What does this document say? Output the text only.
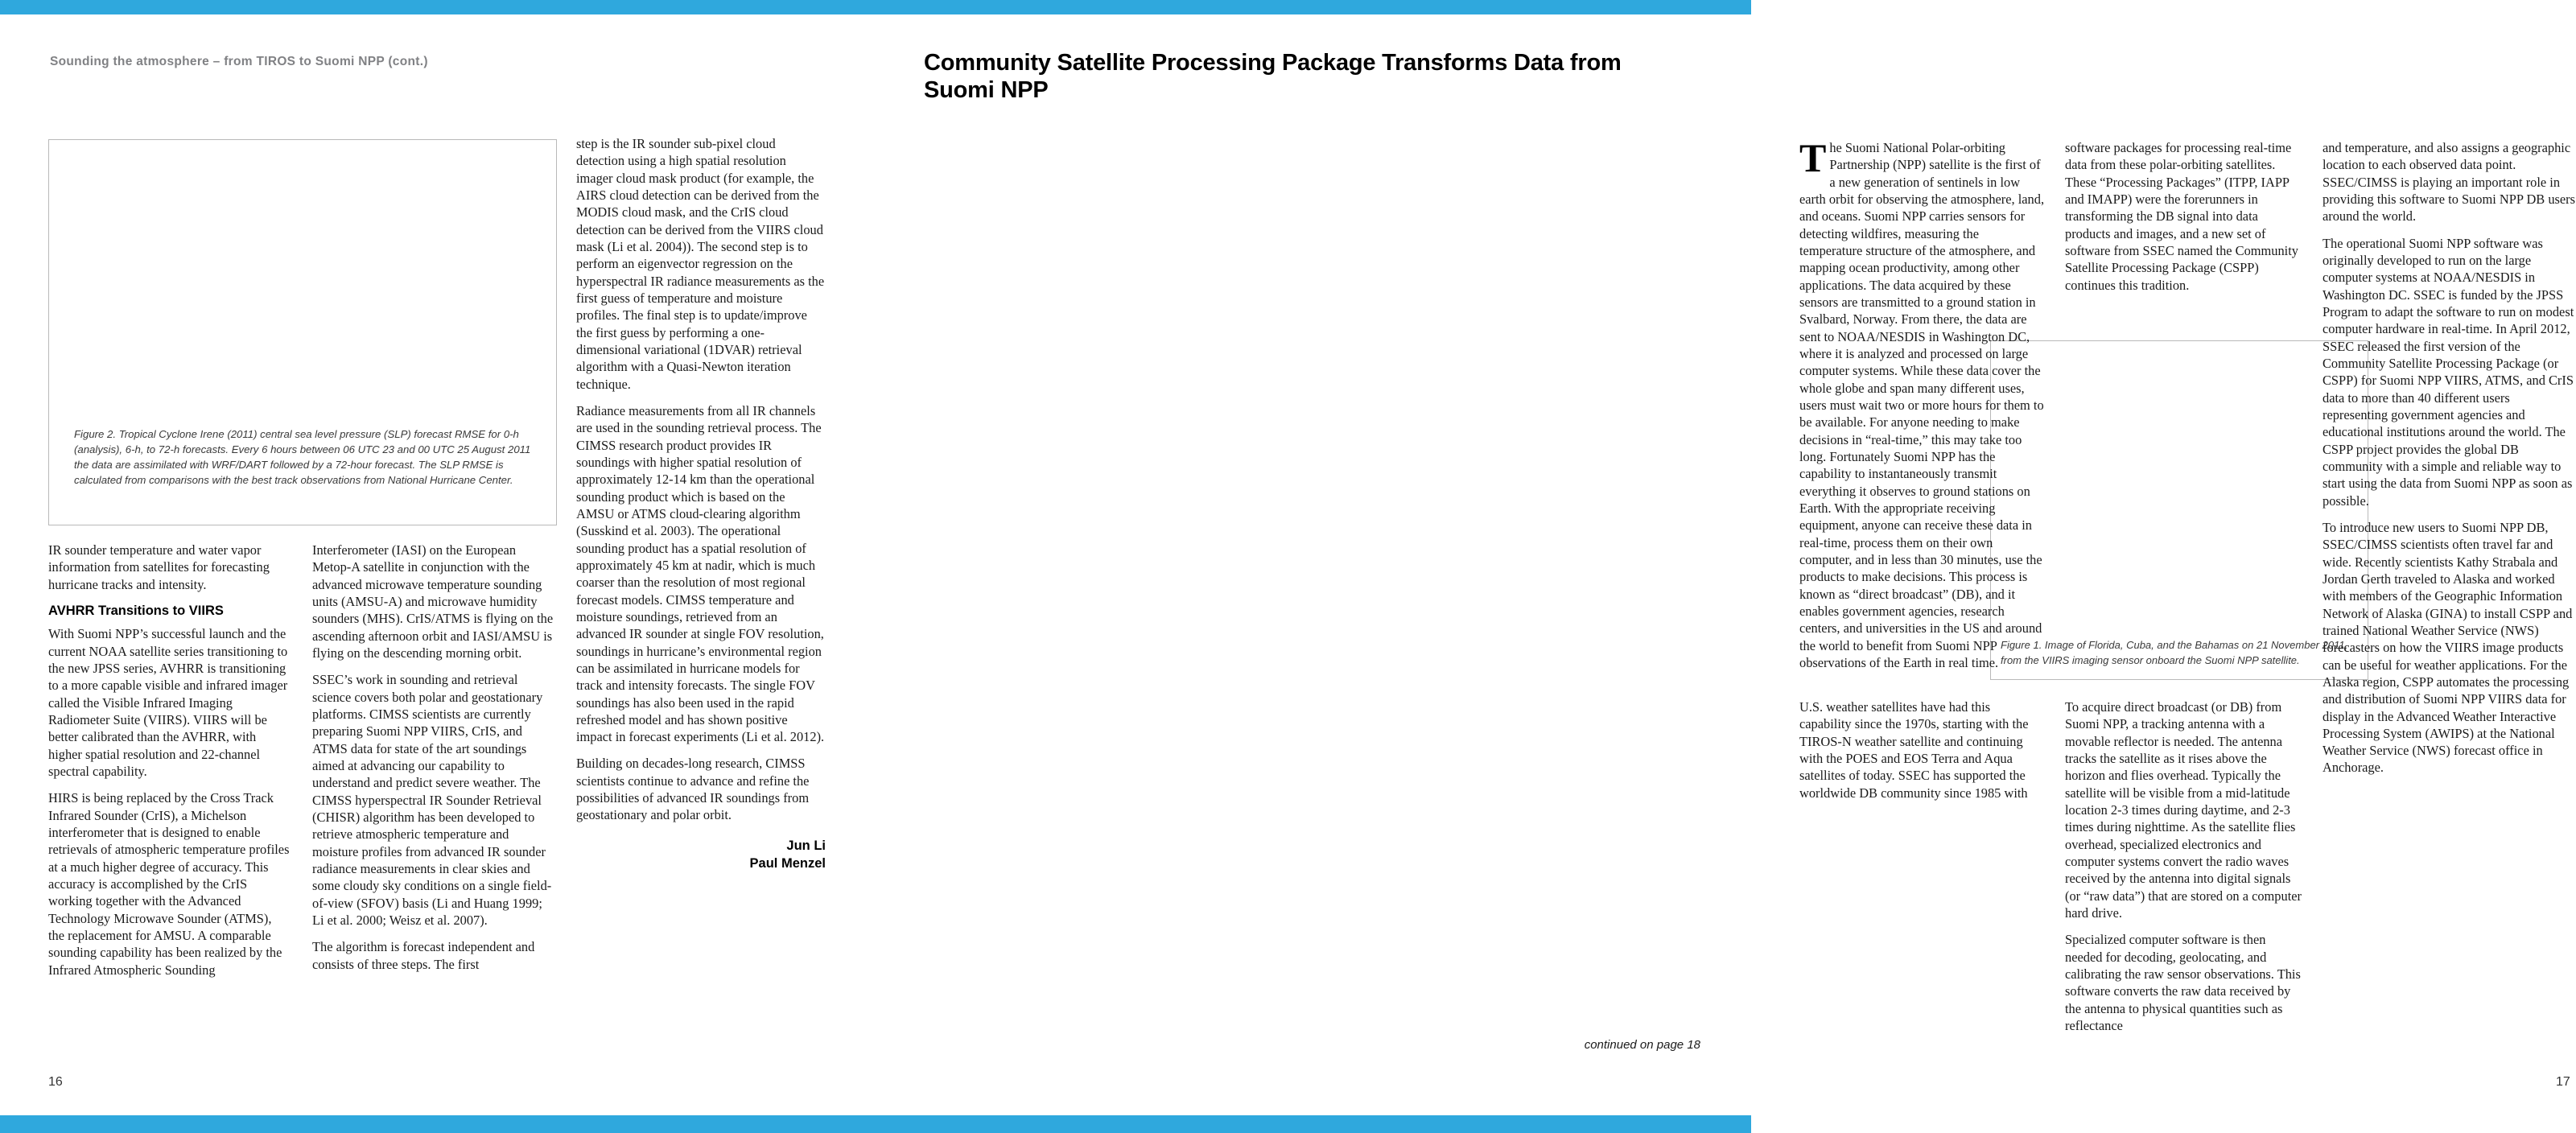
Sounding the atmosphere – from TIROS to Suomi NPP (cont.)
Figure 2. Tropical Cyclone Irene (2011) central sea level pressure (SLP) forecast RMSE for 0-h (analysis), 6-h, to 72-h forecasts. Every 6 hours between 06 UTC 23 and 00 UTC 25 August 2011 the data are assimilated with WRF/DART followed by a 72-hour forecast. The SLP RMSE is calculated from comparisons with the best track observations from National Hurricane Center.

IR sounder temperature and water vapor information from satellites for forecasting hurricane tracks and intensity.

AVHRR Transitions to VIIRS

With Suomi NPP’s successful launch and the current NOAA satellite series transitioning to the new JPSS series, AVHRR is transitioning to a more capable visible and infrared imager called the Visible Infrared Imaging Radiometer Suite (VIIRS). VIIRS will be better calibrated than the AVHRR, with higher spatial resolution and 22-channel spectral capability.

HIRS is being replaced by the Cross Track Infrared Sounder (CrIS), a Michelson interferometer that is designed to enable retrievals of atmospheric temperature profiles at a much higher degree of accuracy. This accuracy is accomplished by the CrIS working together with the Advanced Technology Microwave Sounder (ATMS), the replacement for AMSU. A comparable sounding capability has been realized by the Infrared Atmospheric Sounding

Interferometer (IASI) on the European Metop-A satellite in conjunction with the advanced microwave temperature sounding units (AMSU-A) and microwave humidity sounders (MHS). CrIS/ATMS is flying on the ascending afternoon orbit and IASI/AMSU is flying on the descending morning orbit.

SSEC’s work in sounding and retrieval science covers both polar and geostationary platforms. CIMSS scientists are currently preparing Suomi NPP VIIRS, CrIS, and ATMS data for state of the art soundings aimed at advancing our capability to understand and predict severe weather. The CIMSS hyperspectral IR Sounder Retrieval (CHISR) algorithm has been developed to retrieve atmospheric temperature and moisture profiles from advanced IR sounder radiance measurements in clear skies and some cloudy sky conditions on a single field-of-view (SFOV) basis (Li and Huang 1999; Li et al. 2000; Weisz et al. 2007).

The algorithm is forecast independent and consists of three steps. The first

step is the IR sounder sub-pixel cloud detection using a high spatial resolution imager cloud mask product (for example, the AIRS cloud detection can be derived from the MODIS cloud mask, and the CrIS cloud detection can be derived from the VIIRS cloud mask (Li et al. 2004)). The second step is to perform an eigenvector regression on the hyperspectral IR radiance measurements as the first guess of temperature and moisture profiles. The final step is to update/improve the first guess by performing a one-dimensional variational (1DVAR) retrieval algorithm with a Quasi-Newton iteration technique.

Radiance measurements from all IR channels are used in the sounding retrieval process. The CIMSS research product provides IR soundings with higher spatial resolution of approximately 12-14 km than the operational sounding product which is based on the AMSU or ATMS cloud-clearing algorithm (Susskind et al. 2003). The operational sounding product has a spatial resolution of approximately 45 km at nadir, which is much coarser than the resolution of most regional forecast models. CIMSS temperature and moisture soundings, retrieved from an advanced IR sounder at single FOV resolution, soundings in hurricane’s environmental region can be assimilated in hurricane models for track and intensity forecasts. The single FOV soundings has also been used in the rapid refreshed model and has shown positive impact in forecast experiments (Li et al. 2012).

Building on decades-long research, CIMSS scientists continue to advance and refine the possibilities of advanced IR soundings from geostationary and polar orbit.

Jun Li
Paul Menzel
16
Community Satellite Processing Package Transforms Data from Suomi NPP
Figure 1. Image of Florida, Cuba, and the Bahamas on 21 November 2011, from the VIIRS imaging sensor onboard the Suomi NPP satellite.

The Suomi National Polar-orbiting Partnership (NPP) satellite is the first of a new generation of sentinels in low earth orbit for observing the atmosphere, land, and oceans. Suomi NPP carries sensors for detecting wildfires, measuring the temperature structure of the atmosphere, and mapping ocean productivity, among other applications. The data acquired by these sensors are transmitted to a ground station in Svalbard, Norway. From there, the data are sent to NOAA/NESDIS in Washington DC, where it is analyzed and processed on large computer systems. While these data cover the whole globe and span many different uses, users must wait two or more hours for them to be available. For anyone needing to make decisions in “real-time,” this may take too long. Fortunately Suomi NPP has the capability to instantaneously transmit everything it observes to ground stations on Earth. With the appropriate receiving equipment, anyone can receive these data in real-time, process them on their own computer, and in less than 30 minutes, use the products to make decisions. This process is known as “direct broadcast” (DB), and it enables government agencies, research centers, and universities in the US and around the world to benefit from Suomi NPP observations of the Earth in real time.

U.S. weather satellites have had this capability since the 1970s, starting with the TIROS-N weather satellite and continuing with the POES and EOS Terra and Aqua satellites of today. SSEC has supported the worldwide DB community since 1985 with

software packages for processing real-time data from these polar-orbiting satellites. These “Processing Packages” (ITPP, IAPP and IMAPP) were the forerunners in transforming the DB signal into data products and images, and a new set of software from SSEC named the Community Satellite Processing Package (CSPP) continues this tradition.

To acquire direct broadcast (or DB) from Suomi NPP, a tracking antenna with a movable reflector is needed. The antenna tracks the satellite as it rises above the horizon and flies overhead. Typically the satellite will be visible from a mid-latitude location 2-3 times during daytime, and 2-3 times during nighttime. As the satellite flies overhead, specialized electronics and computer systems convert the radio waves received by the antenna into digital signals (or “raw data”) that are stored on a computer hard drive.

Specialized computer software is then needed for decoding, geolocating, and calibrating the raw sensor observations. This software converts the raw data received by the antenna to physical quantities such as reflectance

and temperature, and also assigns a geographic location to each observed data point. SSEC/CIMSS is playing an important role in providing this software to Suomi NPP DB users around the world.

The operational Suomi NPP software was originally developed to run on the large computer systems at NOAA/NESDIS in Washington DC. SSEC is funded by the JPSS Program to adapt the software to run on modest computer hardware in real-time. In April 2012, SSEC released the first version of the Community Satellite Processing Package (or CSPP) for Suomi NPP VIIRS, ATMS, and CrIS data to more than 40 different users representing government agencies and educational institutions around the world. The CSPP project provides the global DB community with a simple and reliable way to start using the data from Suomi NPP as soon as possible.

To introduce new users to Suomi NPP DB, SSEC/CIMSS scientists often travel far and wide. Recently scientists Kathy Strabala and Jordan Gerth traveled to Alaska and worked with members of the Geographic Information Network of Alaska (GINA) to install CSPP and trained National Weather Service (NWS) forecasters on how the VIIRS image products can be useful for weather applications. For the Alaska region, CSPP automates the processing and distribution of Suomi NPP VIIRS data for display in the Advanced Weather Interactive Processing System (AWIPS) at the National Weather Service (NWS) forecast office in Anchorage.

17
continued on page 18
